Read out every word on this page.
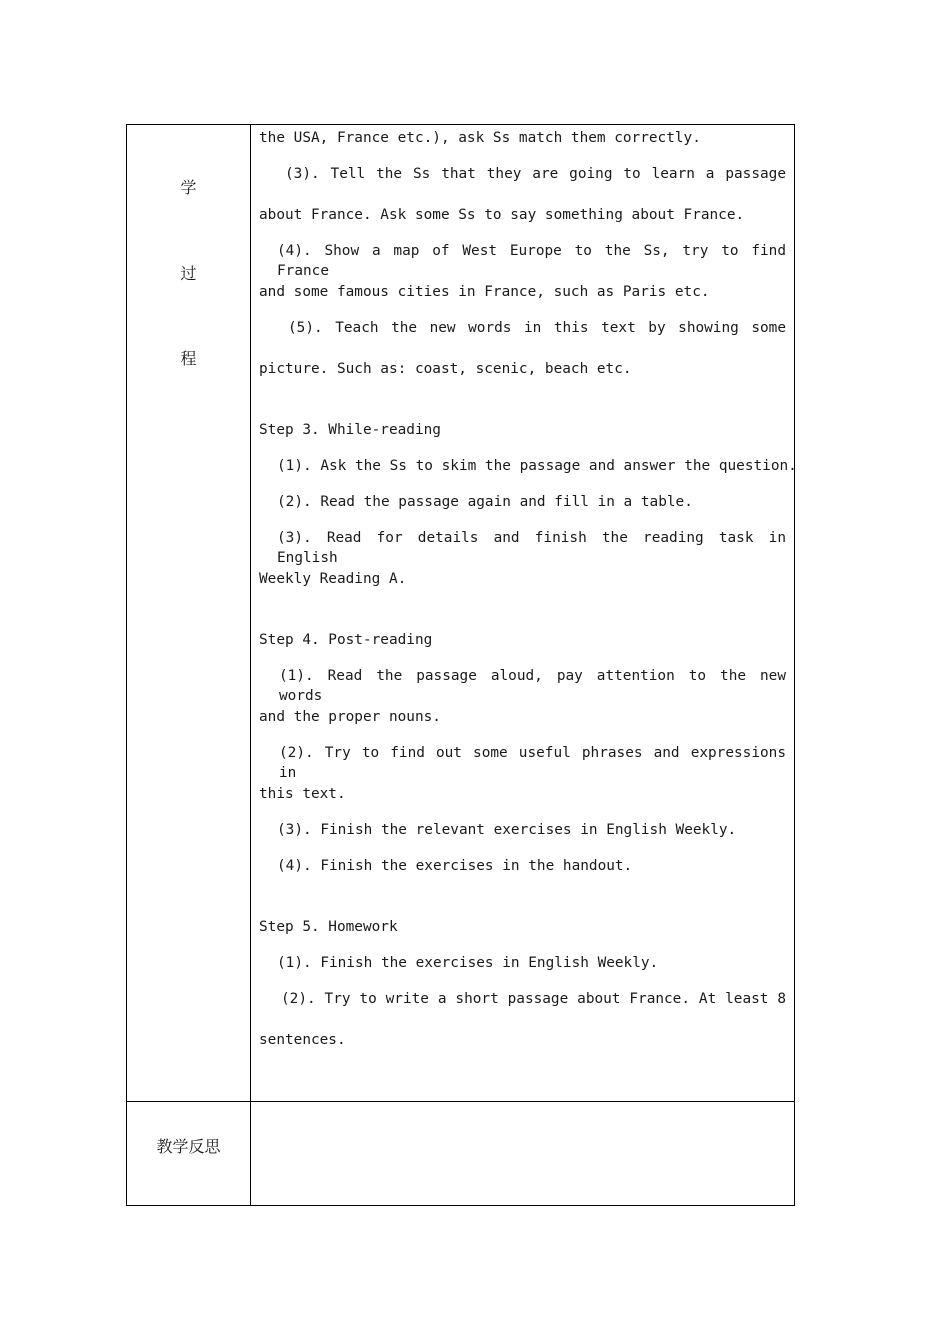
学
过
程
the USA, France etc.), ask Ss match them correctly.
(3). Tell the Ss that they are going to learn a passage
about France. Ask some Ss to say something about France.
(4). Show a map of West Europe to the Ss, try to find France
and some famous cities in France, such as Paris etc.
(5). Teach the new words in this text by showing some
picture. Such as: coast, scenic, beach etc.
Step 3. While-reading
(1). Ask the Ss to skim the passage and answer the question.
(2). Read the passage again and fill in a table.
(3). Read for details and finish the reading task in English
Weekly Reading A.
Step 4. Post-reading
(1). Read the passage aloud, pay attention to the new words
and the proper nouns.
(2). Try to find out some useful phrases and expressions in
this text.
(3). Finish the relevant exercises in English Weekly.
(4). Finish the exercises in the handout.
Step 5. Homework
(1). Finish the exercises in English Weekly.
(2). Try to write a short passage about France. At least 8
sentences.
教学反思
